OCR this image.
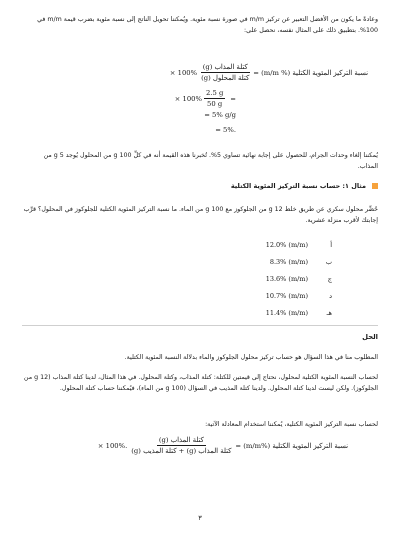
وعادةً ما يكون من الأفضل التعبير عن تركيز m/m في صورة نسبة مئوية. ويُمكننا تحويل الناتج إلى نسبة مئوية بضرب قيمة m/m في 100%. بتطبيق ذلك على المثال نفسه، نحصل على:
× $100\% \frac{\text{كتلة المذاب (g)}}{\text{كتلة المحلول (g)}}$ نسبة التركيز المئوية الكتلية (% m/m) =
× $100\% \frac{2.5 g}{50 g}$ =
= 5% g/g
= 5%.
يُمكننا إلغاء وحدات الجرام، للحصول على إجابة نهائية تساوي 5%. تُخبرنا هذه القيمة أنه في كلِّ 100 g من المحلول يُوجد 5 g من المذاب.
مثال ١: حساب نسبة التركيز المئوية الكتلية
حُضِّر محلول سكري عن طريق خلط 12 g من الجلوكوز مع 100 g من الماء. ما نسبة التركيز المئوية الكتلية للجلوكوز في المحلول؟ قرِّب إجابتك لأقرب منزلة عشرية.
أ
12.0% (m/m)
ب
8.3% (m/m)
ج
13.6% (m/m)
د
10.7% (m/m)
هـ
11.4% (m/m)
الحل
المطلوب منا في هذا السؤال هو حساب تركيز محلول الجلوكوز والماء بدلالة النسبة المئوية الكتلية.
لحساب النسبة المئوية الكتلية لمحلول، نحتاج إلى قيمتين للكتلة: كتلة المذاب، وكتلة المحلول. في هذا المثال، لدينا كتلة المذاب (12 g من الجلوكوز). ولكن ليست لدينا كتلة المحلول. ولدينا كتلة المذيب في السؤال (100 g من الماء)، فيُمكننا حساب كتلة المحلول.
لحساب نسبة التركيز المئوية الكتلية، يُمكننا استخدام المعادلة الآتية:
× 100%. $\frac{\text{كتلة المذاب (g)}}{\text{كتلة المذاب (g) + كتلة المذيب (g)}}$ نسبة التركيز المئوية الكتلية (%m/m) =
٣
